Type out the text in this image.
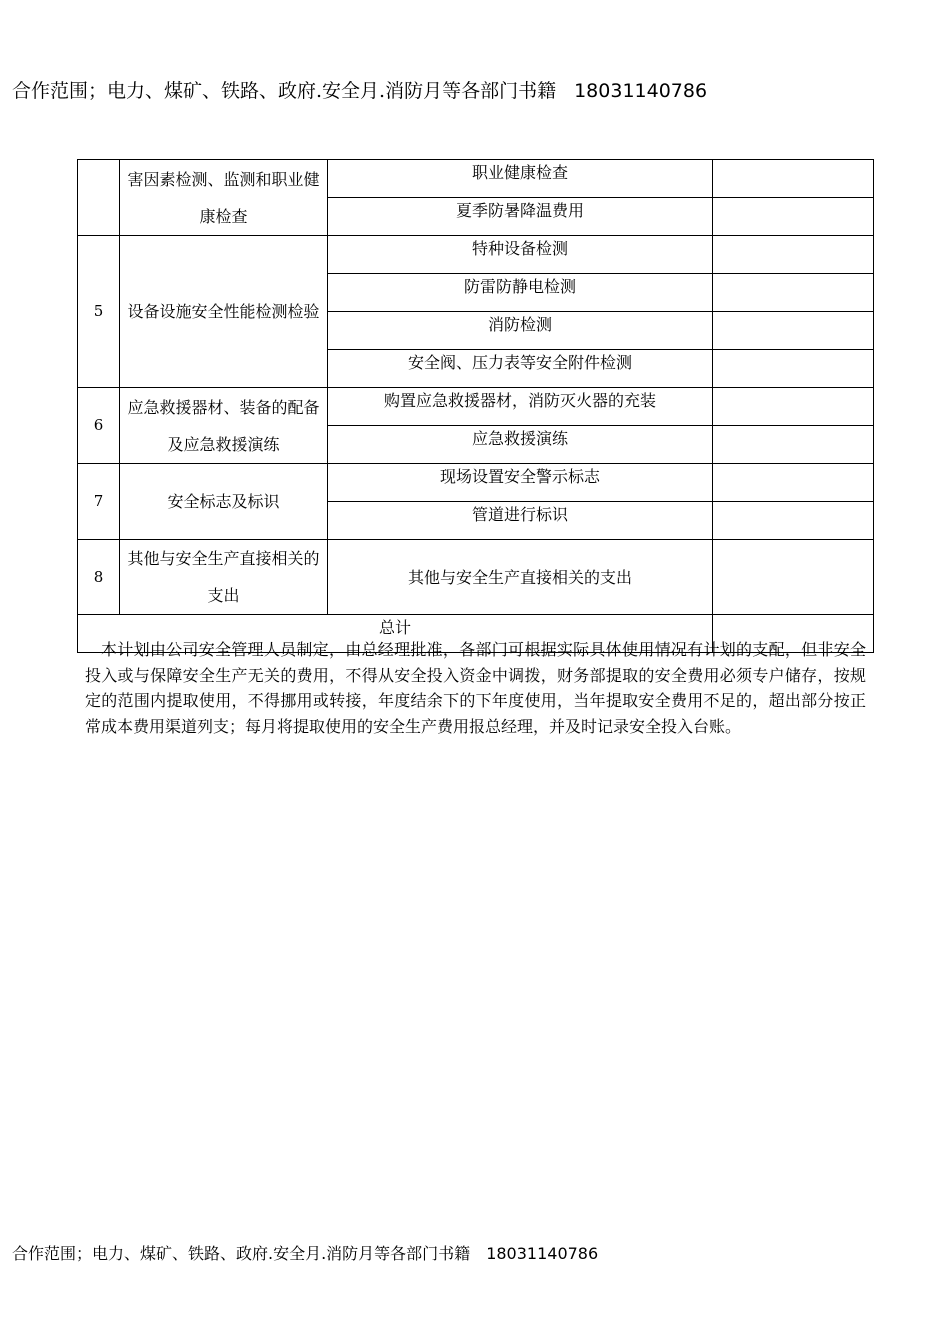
合作范围；电力、煤矿、铁路、政府.安全月.消防月等各部门书籍 18031140786
	害因素检测、监测和职业健康检查	职业健康检查	
		夏季防暑降温费用	
5	设备设施安全性能检测检验	特种设备检测	
		防雷防静电检测	
		消防检测	
		安全阀、压力表等安全附件检测	
6	应急救援器材、装备的配备及应急救援演练	购置应急救援器材，消防灭火器的充装	
		应急救援演练	
7	安全标志及标识	现场设置安全警示标志	
		管道进行标识	
8	其他与安全生产直接相关的支出	其他与安全生产直接相关的支出	
总计			

本计划由公司安全管理人员制定，由总经理批准，各部门可根据实际具体使用情况有计划的支配，但非安全投入或与保障安全生产无关的费用，不得从安全投入资金中调拨，财务部提取的安全费用必须专户储存，按规定的范围内提取使用，不得挪用或转接，年度结余下的下年度使用，当年提取安全费用不足的，超出部分按正常成本费用渠道列支；每月将提取使用的安全生产费用报总经理，并及时记录安全投入台账。

合作范围；电力、煤矿、铁路、政府.安全月.消防月等各部门书籍 18031140786
